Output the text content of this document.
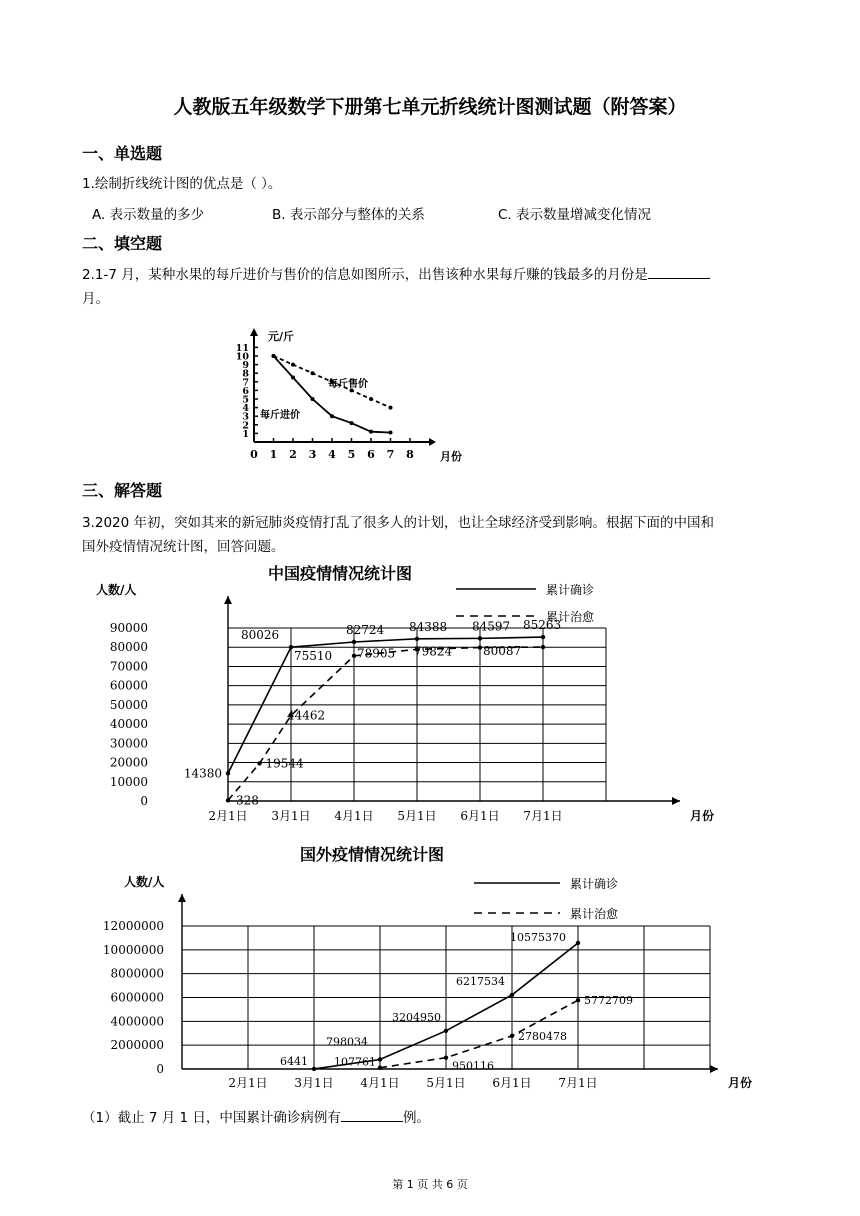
人教版五年级数学下册第七单元折线统计图测试题（附答案）
一、单选题
1.绘制折线统计图的优点是（ ）。
A. 表示数量的多少	B. 表示部分与整体的关系	C. 表示数量增减变化情况
二、填空题
2.1-7 月，某种水果的每斤进价与售价的信息如图所示，出售该种水果每斤赚的钱最多的月份是
月。
0 1 2 3 4 5 6 7 8
1
2
3
4
5
6
7
8
9
10
11
元/斤
月份
每斤售价
每斤进价
三、解答题
3.2020 年初，突如其来的新冠肺炎疫情打乱了很多人的计划，也让全球经济受到影响。根据下面的中国和
国外疫情情况统计图，回答问题。
中国疫情情况统计图
0
10000
20000
30000
40000
50000
60000
70000
80000
90000
2月1日 3月1日 4月1日 5月1日 6月1日 7月1日	月份
人数/人	累计确诊
累计治愈
14380
80026	82724 84388 84597 85263
328
19544
44462
75510 78905 79824	80087
国外疫情情况统计图
0
2000000
4000000
6000000
8000000
10000000
12000000
2月1日 3月1日 4月1日 5月1日 6月1日 7月1日	月份
人数/人	累计确诊
累计治愈
6441
798034
3204950
6217534
10575370
107761	950116
2780478
5772709
（1）截止 7 月 1 日，中国累计确诊病例有	例。
第 1 页 共 6 页
